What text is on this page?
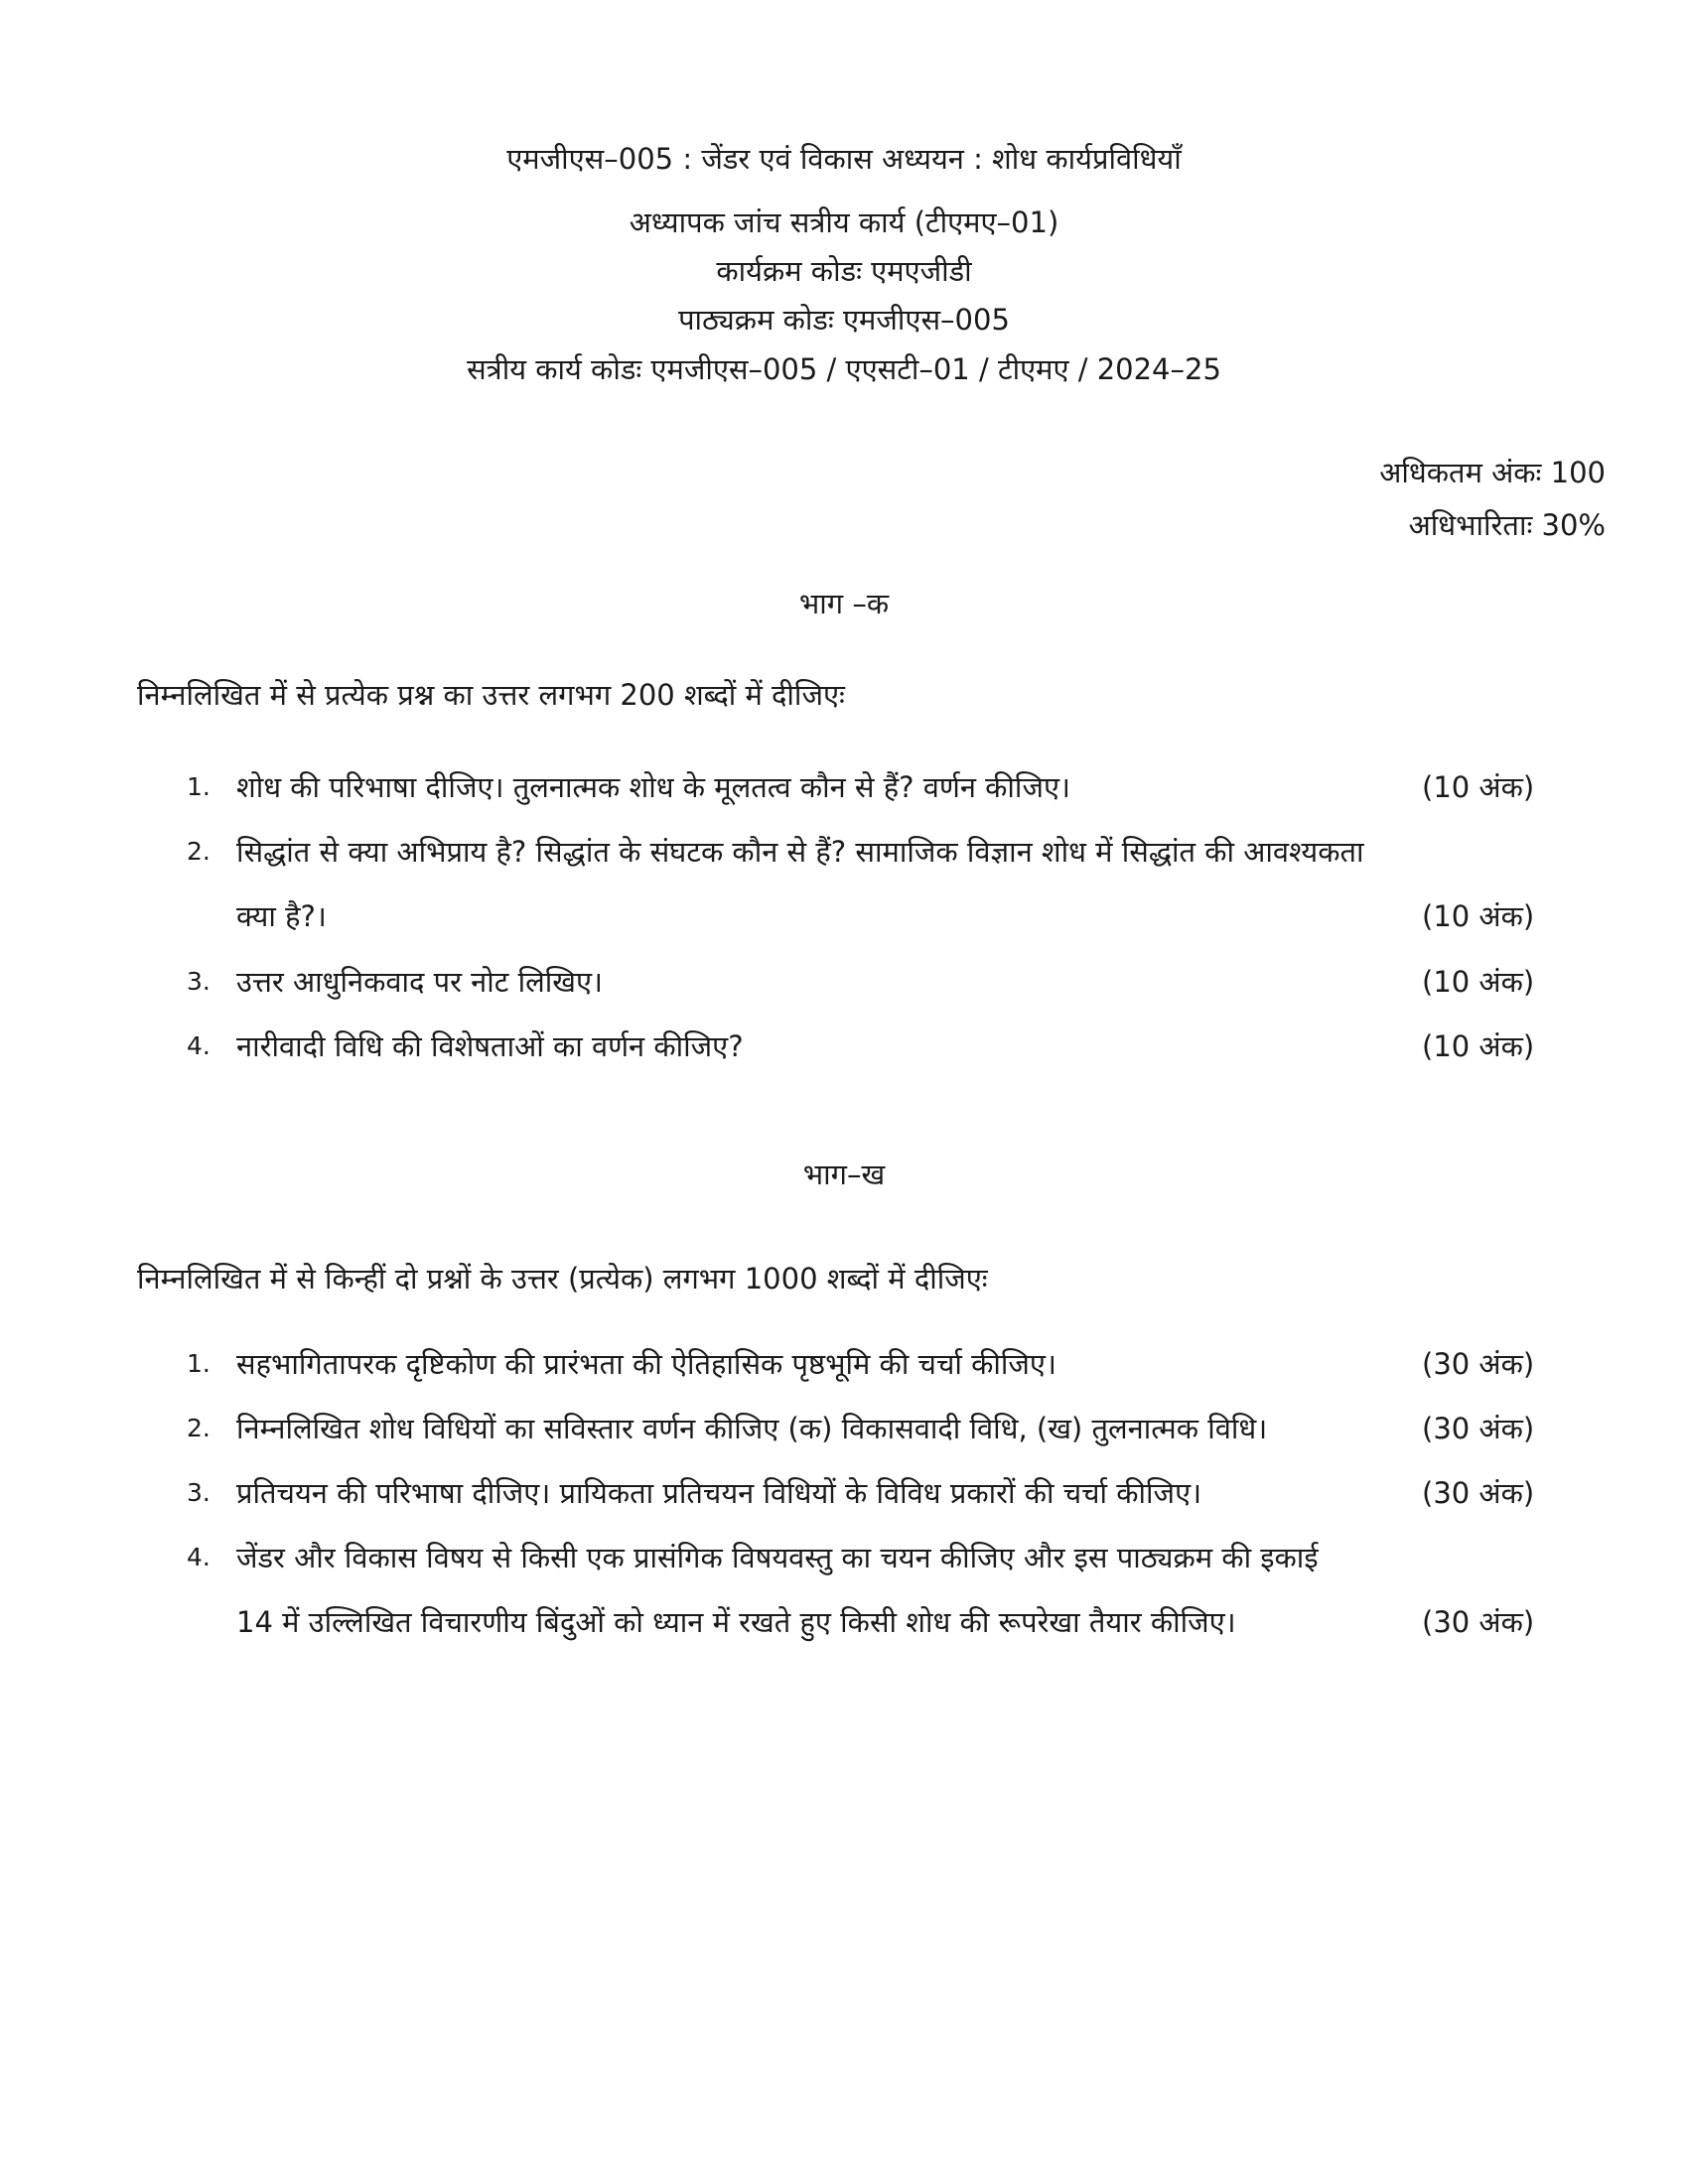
एमजीएस–005 : जेंडर एवं विकास अध्ययन : शोध कार्यप्रविधियाँ
अध्यापक जांच सत्रीय कार्य (टीएमए–01)
कार्यक्रम कोडः एमएजीडी
पाठ्यक्रम कोडः एमजीएस–005
सत्रीय कार्य कोडः एमजीएस–005 / एएसटी–01 / टीएमए / 2024–25
अधिकतम अंकः 100
अधिभारिताः 30%
भाग –क
निम्नलिखित में से प्रत्येक प्रश्न का उत्तर लगभग 200 शब्दों में दीजिएः
1. शोध की परिभाषा दीजिए। तुलनात्मक शोध के मूलतत्व कौन से हैं? वर्णन कीजिए।	(10 अंक)
2. सिद्धांत से क्या अभिप्राय है? सिद्धांत के संघटक कौन से हैं? सामाजिक विज्ञान शोध में सिद्धांत की आवश्यकता
क्या है?।	(10 अंक)
3. उत्तर आधुनिकवाद पर नोट लिखिए।	(10 अंक)
4. नारीवादी विधि की विशेषताओं का वर्णन कीजिए?	(10 अंक)
भाग–ख
निम्नलिखित में से किन्हीं दो प्रश्नों के उत्तर (प्रत्येक) लगभग 1000 शब्दों में दीजिएः
1. सहभागितापरक दृष्टिकोण की प्रारंभता की ऐतिहासिक पृष्ठभूमि की चर्चा कीजिए।	(30 अंक)
2. निम्नलिखित शोध विधियों का सविस्तार वर्णन कीजिए (क) विकासवादी विधि, (ख) तुलनात्मक विधि।	(30 अंक)
3. प्रतिचयन की परिभाषा दीजिए। प्रायिकता प्रतिचयन विधियों के विविध प्रकारों की चर्चा कीजिए।	(30 अंक)
4. जेंडर और विकास विषय से किसी एक प्रासंगिक विषयवस्तु का चयन कीजिए और इस पाठ्यक्रम की इकाई
14 में उल्लिखित विचारणीय बिंदुओं को ध्यान में रखते हुए किसी शोध की रूपरेखा तैयार कीजिए।	(30 अंक)
